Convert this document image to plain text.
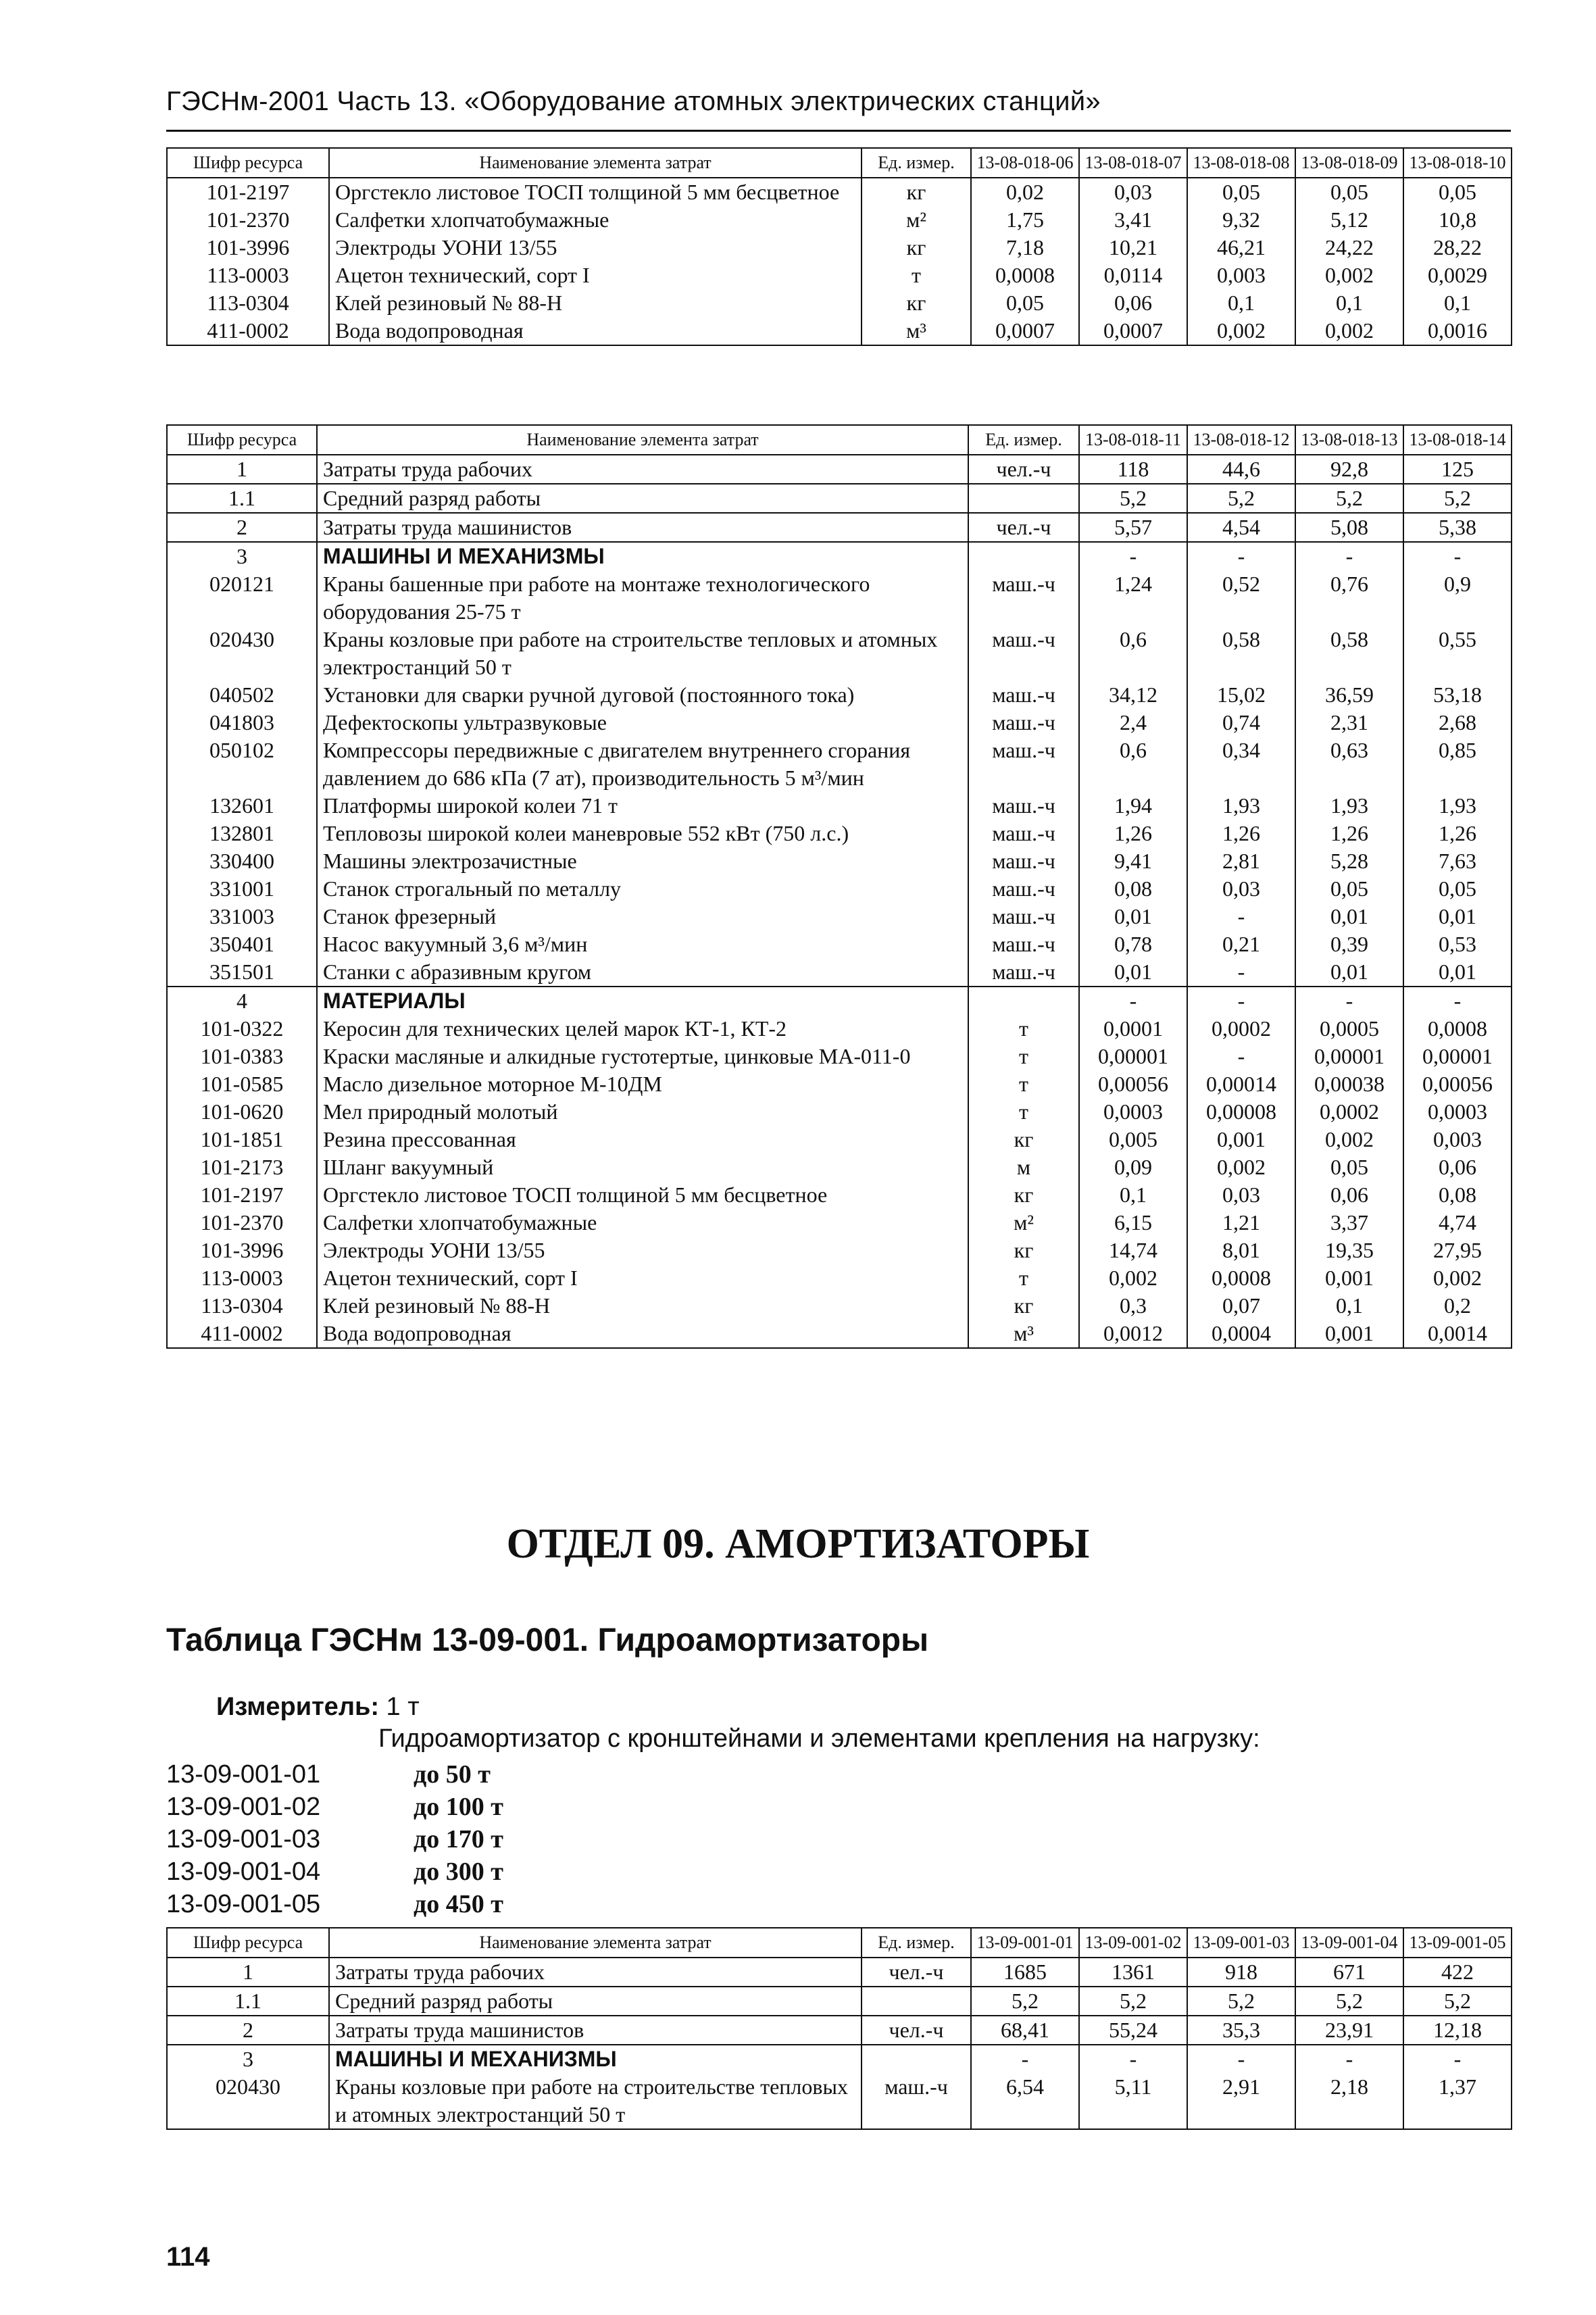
ГЭСНм-2001 Часть 13. «Оборудование атомных электрических станций»
Шифр ресурса	Наименование элемента затрат	Ед. измер.	13-08-018-06	13-08-018-07	13-08-018-08	13-08-018-09	13-08-018-10
101-2197	Оргстекло листовое ТОСП толщиной 5 мм бесцветное	кг	0,02	0,03	0,05	0,05	0,05
101-2370	Салфетки хлопчатобумажные	м²	1,75	3,41	9,32	5,12	10,8
101-3996	Электроды УОНИ 13/55	кг	7,18	10,21	46,21	24,22	28,22
113-0003	Ацетон технический, сорт I	т	0,0008	0,0114	0,003	0,002	0,0029
113-0304	Клей резиновый № 88-Н	кг	0,05	0,06	0,1	0,1	0,1
411-0002	Вода водопроводная	м³	0,0007	0,0007	0,002	0,002	0,0016
Шифр ресурса	Наименование элемента затрат	Ед. измер.	13-08-018-11	13-08-018-12	13-08-018-13	13-08-018-14
1	Затраты труда рабочих	чел.-ч	118	44,6	92,8	125
1.1	Средний разряд работы		5,2	5,2	5,2	5,2
2	Затраты труда машинистов	чел.-ч	5,57	4,54	5,08	5,38
3	МАШИНЫ И МЕХАНИЗМЫ		-	-	-	-
020121	Краны башенные при работе на монтаже технологического оборудования 25-75 т	маш.-ч	1,24	0,52	0,76	0,9
020430	Краны козловые при работе на строительстве тепловых и атомных электростанций 50 т	маш.-ч	0,6	0,58	0,58	0,55
040502	Установки для сварки ручной дуговой (постоянного тока)	маш.-ч	34,12	15,02	36,59	53,18
041803	Дефектоскопы ультразвуковые	маш.-ч	2,4	0,74	2,31	2,68
050102	Компрессоры передвижные с двигателем внутреннего сгорания давлением до 686 кПа (7 ат), производительность 5 м³/мин	маш.-ч	0,6	0,34	0,63	0,85
132601	Платформы широкой колеи 71 т	маш.-ч	1,94	1,93	1,93	1,93
132801	Тепловозы широкой колеи маневровые 552 кВт (750 л.с.)	маш.-ч	1,26	1,26	1,26	1,26
330400	Машины электрозачистные	маш.-ч	9,41	2,81	5,28	7,63
331001	Станок строгальный по металлу	маш.-ч	0,08	0,03	0,05	0,05
331003	Станок фрезерный	маш.-ч	0,01	-	0,01	0,01
350401	Насос вакуумный 3,6 м³/мин	маш.-ч	0,78	0,21	0,39	0,53
351501	Станки с абразивным кругом	маш.-ч	0,01	-	0,01	0,01
4	МАТЕРИАЛЫ		-	-	-	-
101-0322	Керосин для технических целей марок КТ-1, КТ-2	т	0,0001	0,0002	0,0005	0,0008
101-0383	Краски масляные и алкидные густотертые, цинковые МА-011-0	т	0,00001	-	0,00001	0,00001
101-0585	Масло дизельное моторное М-10ДМ	т	0,00056	0,00014	0,00038	0,00056
101-0620	Мел природный молотый	т	0,0003	0,00008	0,0002	0,0003
101-1851	Резина прессованная	кг	0,005	0,001	0,002	0,003
101-2173	Шланг вакуумный	м	0,09	0,002	0,05	0,06
101-2197	Оргстекло листовое ТОСП толщиной 5 мм бесцветное	кг	0,1	0,03	0,06	0,08
101-2370	Салфетки хлопчатобумажные	м²	6,15	1,21	3,37	4,74
101-3996	Электроды УОНИ 13/55	кг	14,74	8,01	19,35	27,95
113-0003	Ацетон технический, сорт I	т	0,002	0,0008	0,001	0,002
113-0304	Клей резиновый № 88-Н	кг	0,3	0,07	0,1	0,2
411-0002	Вода водопроводная	м³	0,0012	0,0004	0,001	0,0014
ОТДЕЛ 09. АМОРТИЗАТОРЫ
Таблица ГЭСНм 13-09-001. Гидроамортизаторы
Измеритель: 1 т
Гидроамортизатор с кронштейнами и элементами крепления на нагрузку:
13-09-001-01	до 50 т
13-09-001-02	до 100 т
13-09-001-03	до 170 т
13-09-001-04	до 300 т
13-09-001-05	до 450 т
Шифр ресурса	Наименование элемента затрат	Ед. измер.	13-09-001-01	13-09-001-02	13-09-001-03	13-09-001-04	13-09-001-05
1	Затраты труда рабочих	чел.-ч	1685	1361	918	671	422
1.1	Средний разряд работы		5,2	5,2	5,2	5,2	5,2
2	Затраты труда машинистов	чел.-ч	68,41	55,24	35,3	23,91	12,18
3	МАШИНЫ И МЕХАНИЗМЫ		-	-	-	-	-
020430	Краны козловые при работе на строительстве тепловых и атомных электростанций 50 т	маш.-ч	6,54	5,11	2,91	2,18	1,37
114
